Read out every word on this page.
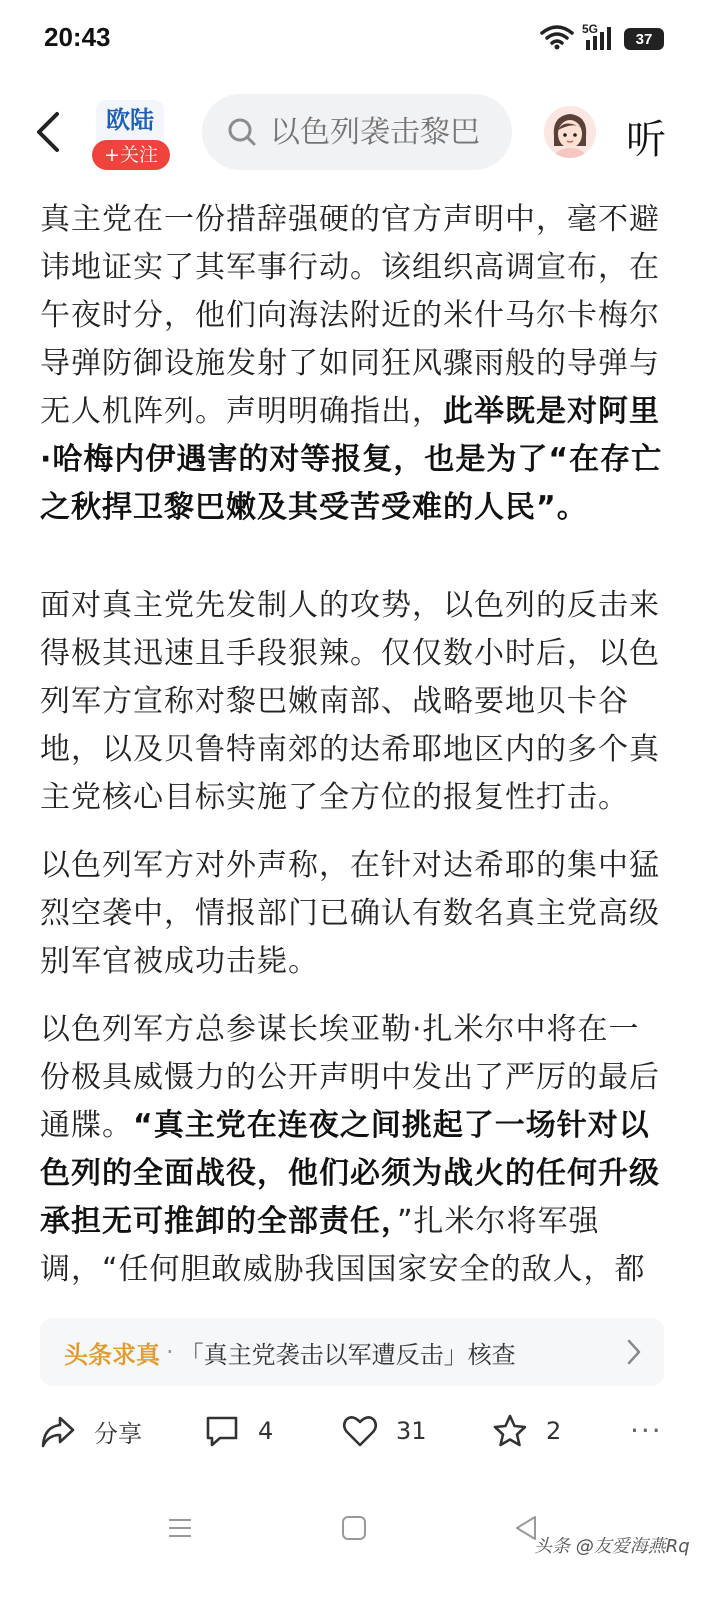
20:43	5G
37
欧陆
+关注
以色列袭击黎巴	听

真主党在一份措辞强硬的官方声明中，毫不避讳地证实了其军事行动。该组织高调宣布，在午夜时分，他们向海法附近的米什马尔卡梅尔导弹防御设施发射了如同狂风骤雨般的导弹与无人机阵列。声明明确指出，此举既是对阿里·哈梅内伊遇害的对等报复，也是为了“在存亡之秋捍卫黎巴嫩及其受苦受难的人民”。

面对真主党先发制人的攻势，以色列的反击来得极其迅速且手段狠辣。仅仅数小时后，以色列军方宣称对黎巴嫩南部、战略要地贝卡谷地，以及贝鲁特南郊的达希耶地区内的多个真主党核心目标实施了全方位的报复性打击。

以色列军方对外声称，在针对达希耶的集中猛烈空袭中，情报部门已确认有数名真主党高级别军官被成功击毙。

以色列军方总参谋长埃亚勒·扎米尔中将在一份极具威慑力的公开声明中发出了严厉的最后通牒。“真主党在连夜之间挑起了一场针对以色列的全面战役，他们必须为战火的任何升级承担无可推卸的全部责任，”扎米尔将军强调，“任何胆敢威胁我国国家安全的敌人，都

头条求真 · 「真主党袭击以军遭反击」核查
分享	4	31	2 ···
头条 @友爱海燕Rq
